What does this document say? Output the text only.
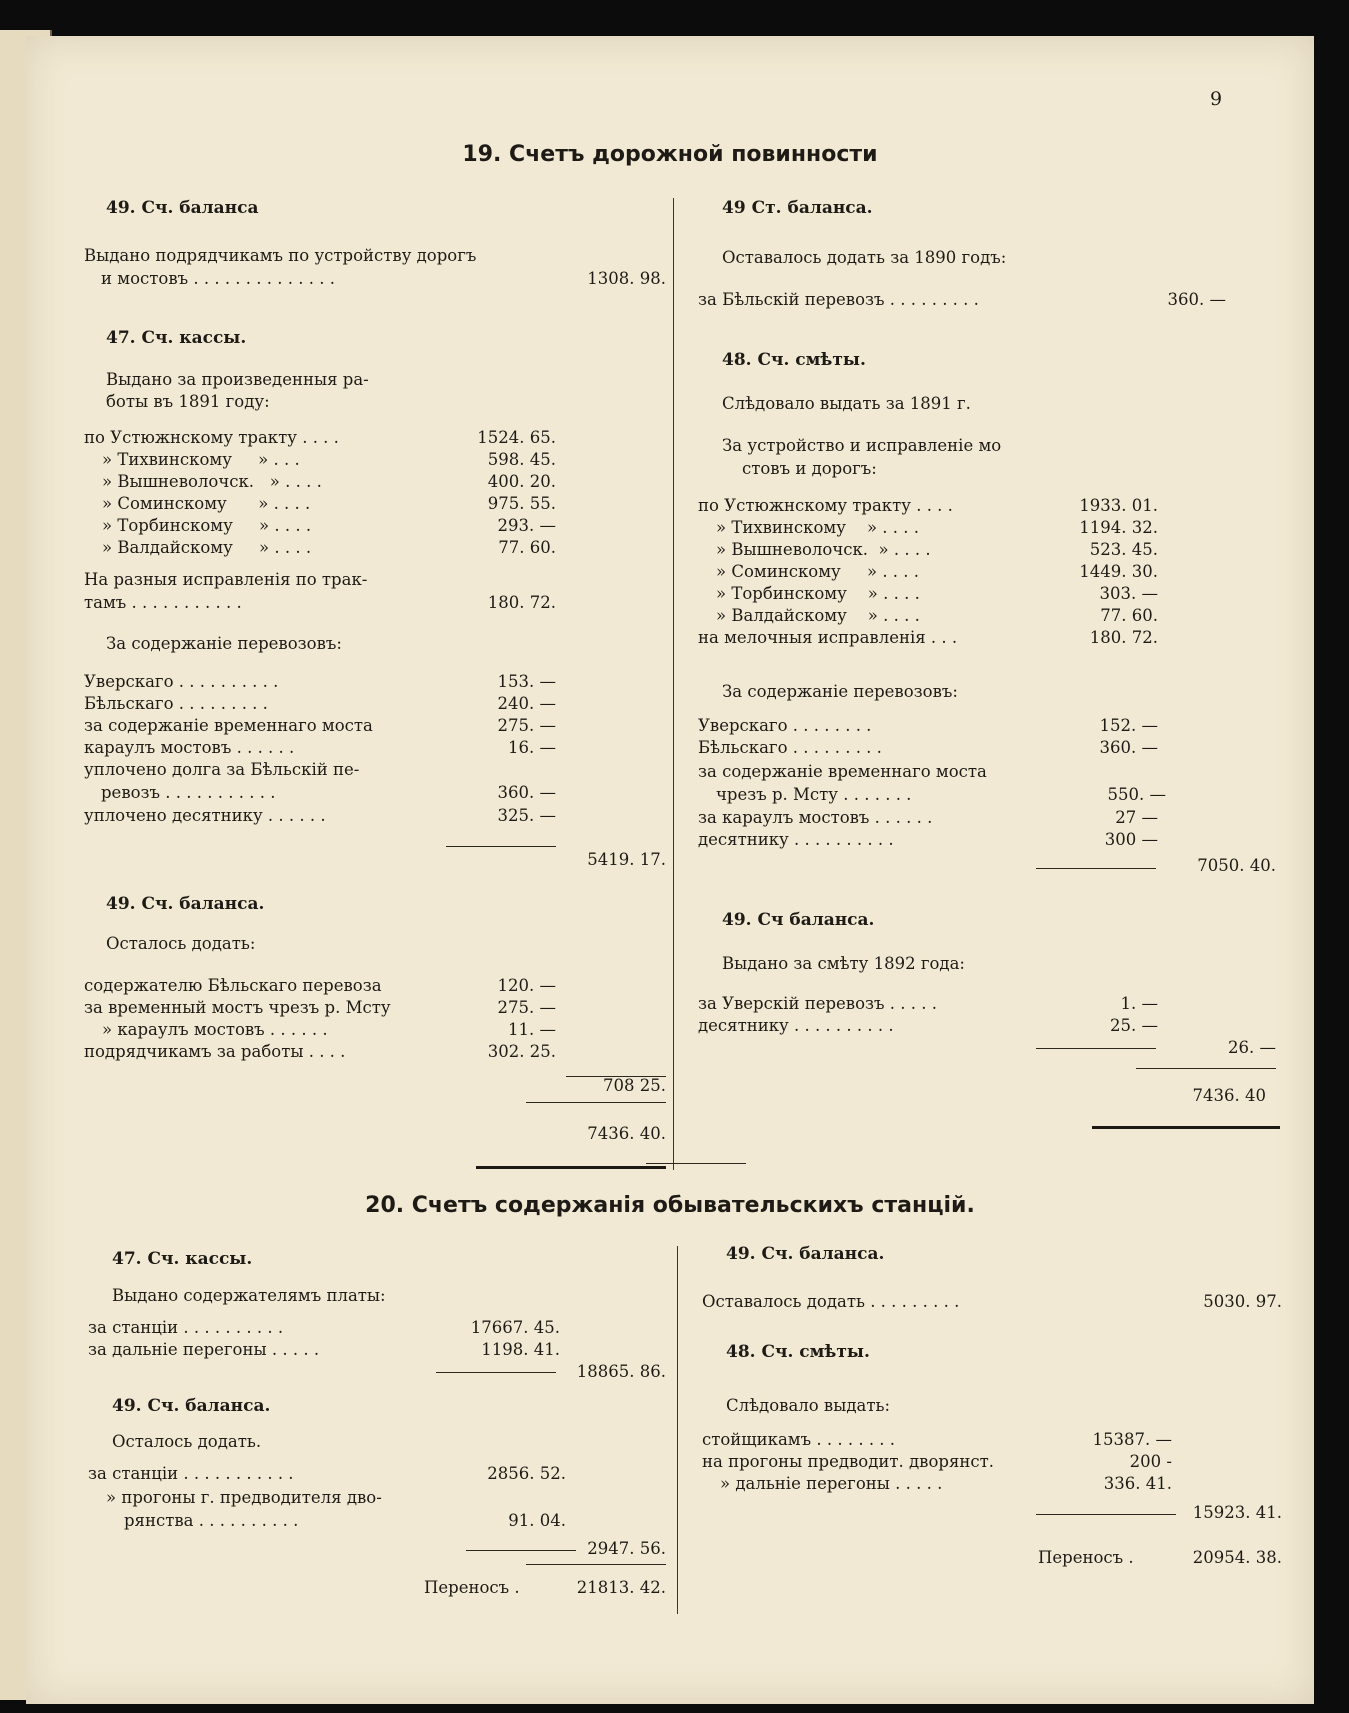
9
19. Счетъ дорожной повинности
49. Сч. баланса
Выдано подрядчикамъ по устройству дорогъ
и мостовъ . . . . . . . . . . . . . .	1308. 98.
47. Сч. кассы.
Выдано за произведенныя ра-
боты въ 1891 году:
по Устюжнскому тракту . . . .	1524. 65.
» Тихвинскому     » . . .	598. 45.
» Вышневолочск.   » . . . .	400. 20.
» Соминскому      » . . . .	975. 55.
» Торбинскому     » . . . .	293. —
» Валдайскому     » . . . .	77. 60.
На разныя исправленія по трак-
тамъ . . . . . . . . . . .	180. 72.
За содержаніе перевозовъ:
Уверскаго . . . . . . . . . .	153. —
Бѣльскаго . . . . . . . . .	240. —
за содержаніе временнаго моста	275. —
караулъ мостовъ . . . . . .	16. —
уплочено долга за Бѣльскій пе-
ревозъ . . . . . . . . . . .	360. —
уплочено десятнику . . . . . .	325. —
5419. 17.
49. Сч. баланса.
Осталось додать:
содержателю Бѣльскаго перевоза	120. —
за временный мостъ чрезъ р. Мсту	275. —
» караулъ мостовъ . . . . . .	11. —
подрядчикамъ за работы . . . .	302. 25.
708 25.
7436. 40.
49 Ст. баланса.
Оставалось додать за 1890 годъ:
за Бѣльскій перевозъ . . . . . . . . .	360. —
48. Сч. смѣты.
Слѣдовало выдать за 1891 г.
За устройство и исправленіе мо
стовъ и дорогъ:
по Устюжнскому тракту . . . .	1933. 01.
» Тихвинскому    » . . . .	1194. 32.
» Вышневолочск.  » . . . .	523. 45.
» Соминскому     » . . . .	1449. 30.
» Торбинскому    » . . . .	303. —
» Валдайскому    » . . . .	77. 60.
на мелочныя исправленія . . .	180. 72.
За содержаніе перевозовъ:
Уверскаго . . . . . . . .	152. —
Бѣльскаго . . . . . . . . .	360. —
за содержаніе временнаго моста
чрезъ р. Мсту . . . . . . .	550. —
за караулъ мостовъ . . . . . .	27 —
десятнику . . . . . . . . . .	300 —
7050. 40.
49. Сч баланса.
Выдано за смѣту 1892 года:
за Уверскій перевозъ . . . . .	1. —
десятнику . . . . . . . . . .	25. —
26. —
7436. 40
20. Счетъ содержанія обывательскихъ станцій.
47. Сч. кассы.
Выдано содержателямъ платы:
за станціи . . . . . . . . . .	17667. 45.
за дальніе перегоны . . . . .	1198. 41.
18865. 86.
49. Сч. баланса.
Осталось додать.
за станціи . . . . . . . . . . .	2856. 52.
» прогоны г. предводителя дво-
рянства . . . . . . . . . .	91. 04.
2947. 56.
Переносъ .	21813. 42.
49. Сч. баланса.
Оставалось додать . . . . . . . . .	5030. 97.
48. Сч. смѣты.
Слѣдовало выдать:
стойщикамъ . . . . . . . .	15387. —
на прогоны предводит. дворянст.	200 -
» дальніе перегоны . . . . .	336. 41.
15923. 41.
Переносъ .	20954. 38.
